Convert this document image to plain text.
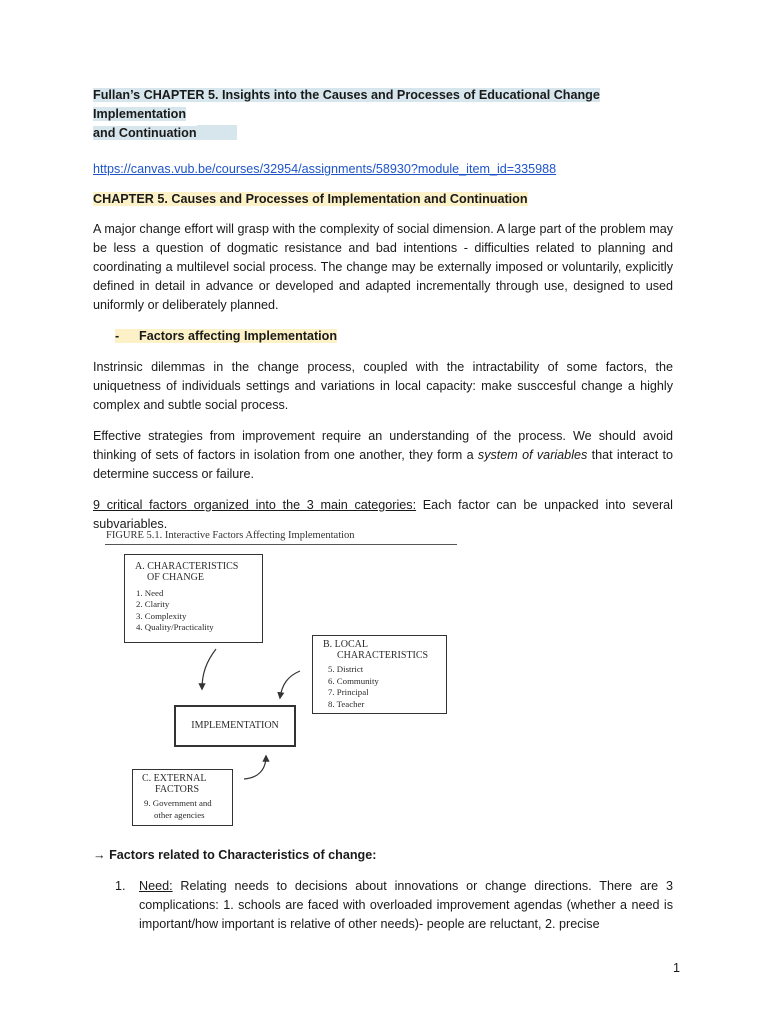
Fullan’s CHAPTER 5. Insights into the Causes and Processes of Educational Change Implementation
and Continuation
https://canvas.vub.be/courses/32954/assignments/58930?module_item_id=335988
CHAPTER 5. Causes and Processes of Implementation and Continuation

A major change effort will grasp with the complexity of social dimension. A large part of the problem may be less a question of dogmatic resistance and bad intentions - difficulties related to planning and coordinating a multilevel social process. The change may be externally imposed or voluntarily, explicitly defined in detail in advance or developed and adapted incrementally through use, designed to used uniformly or deliberately planned.

- Factors affecting Implementation

Instrinsic dilemmas in the change process, coupled with the intractability of some factors, the uniquetness of individuals settings and variations in local capacity: make susccesful change a highly complex and subtle social process.

Effective strategies from improvement require an understanding of the process. We should avoid thinking of sets of factors in isolation from one another, they form a system of variables that interact to determine success or failure.

9 critical factors organized into the 3 main categories: Each factor can be unpacked into several subvariables.

FIGURE 5.1. Interactive Factors Affecting Implementation
A. CHARACTERISTICS
OF CHANGE
1. Need
2. Clarity
3. Complexity
4. Quality/Practicality
B. LOCAL
CHARACTERISTICS
5. District
6. Community
7. Principal
8. Teacher
IMPLEMENTATION
C. EXTERNAL
FACTORS
9. Government and
other agencies
→ Factors related to Characteristics of change:
1.	Need: Relating needs to decisions about innovations or change directions. There are 3 complications: 1. schools are faced with overloaded improvement agendas (whether a need is important/how important is relative of other needs)- people are reluctant, 2. precise
1
